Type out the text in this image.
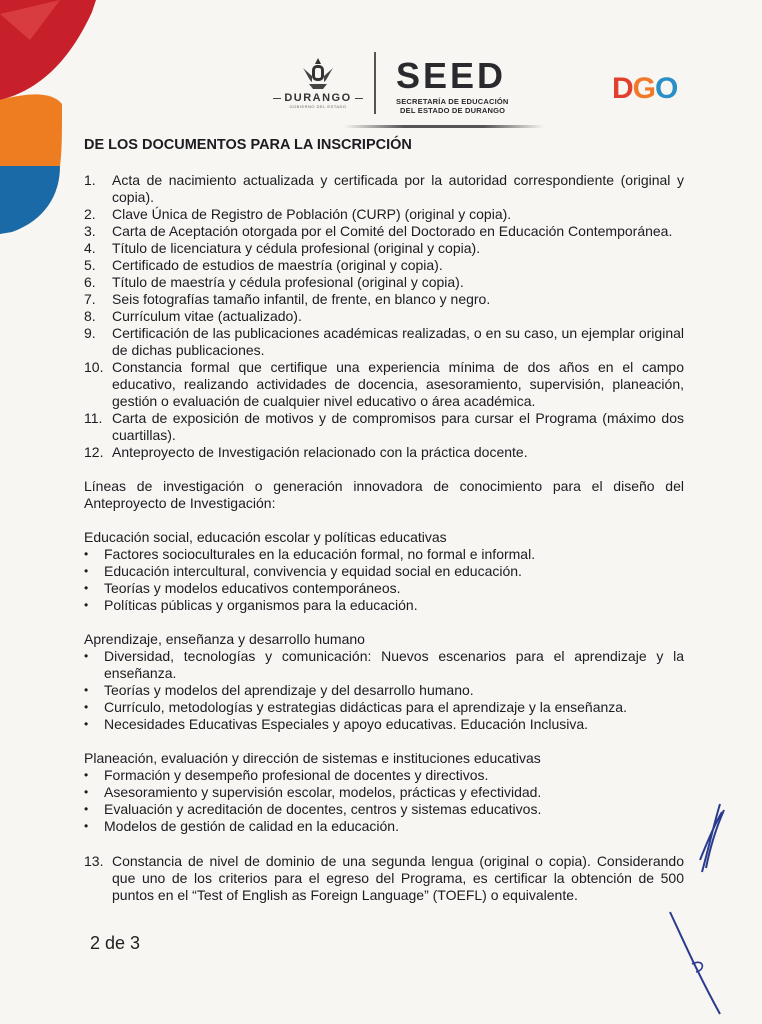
DURANGO
GOBIERNO DEL ESTADO
SEED
SECRETARÍA DE EDUCACIÓN
DEL ESTADO DE DURANGO
DGO
DE LOS DOCUMENTOS PARA LA INSCRIPCIÓN
1.	Acta de nacimiento actualizada y certificada por la autoridad correspondiente (original y copia).
2.	Clave Única de Registro de Población (CURP) (original y copia).
3.	Carta de Aceptación otorgada por el Comité del Doctorado en Educación Contemporánea.
4.	Título de licenciatura y cédula profesional (original y copia).
5.	Certificado de estudios de maestría (original y copia).
6.	Título de maestría y cédula profesional (original y copia).
7.	Seis fotografías tamaño infantil, de frente, en blanco y negro.
8.	Currículum vitae (actualizado).
9.	Certificación de las publicaciones académicas realizadas, o en su caso, un ejemplar original de dichas publicaciones.
10. Constancia formal que certifique una experiencia mínima de dos años en el campo educativo, realizando actividades de docencia, asesoramiento, supervisión, planeación, gestión o evaluación de cualquier nivel educativo o área académica.
11. Carta de exposición de motivos y de compromisos para cursar el Programa (máximo dos cuartillas).
12. Anteproyecto de Investigación relacionado con la práctica docente.
Líneas de investigación o generación innovadora de conocimiento para el diseño del Anteproyecto de Investigación:
Educación social, educación escolar y políticas educativas
•	Factores socioculturales en la educación formal, no formal e informal.
•	Educación intercultural, convivencia y equidad social en educación.
•	Teorías y modelos educativos contemporáneos.
•	Políticas públicas y organismos para la educación.
Aprendizaje, enseñanza y desarrollo humano
•	Diversidad, tecnologías y comunicación: Nuevos escenarios para el aprendizaje y la enseñanza.
•	Teorías y modelos del aprendizaje y del desarrollo humano.
•	Currículo, metodologías y estrategias didácticas para el aprendizaje y la enseñanza.
•	Necesidades Educativas Especiales y apoyo educativas. Educación Inclusiva.
Planeación, evaluación y dirección de sistemas e instituciones educativas
•	Formación y desempeño profesional de docentes y directivos.
•	Asesoramiento y supervisión escolar, modelos, prácticas y efectividad.
•	Evaluación y acreditación de docentes, centros y sistemas educativos.
•	Modelos de gestión de calidad en la educación.
13. Constancia de nivel de dominio de una segunda lengua (original o copia). Considerando que uno de los criterios para el egreso del Programa, es certificar la obtención de 500 puntos en el “Test of English as Foreign Language” (TOEFL) o equivalente.
2 de 3
